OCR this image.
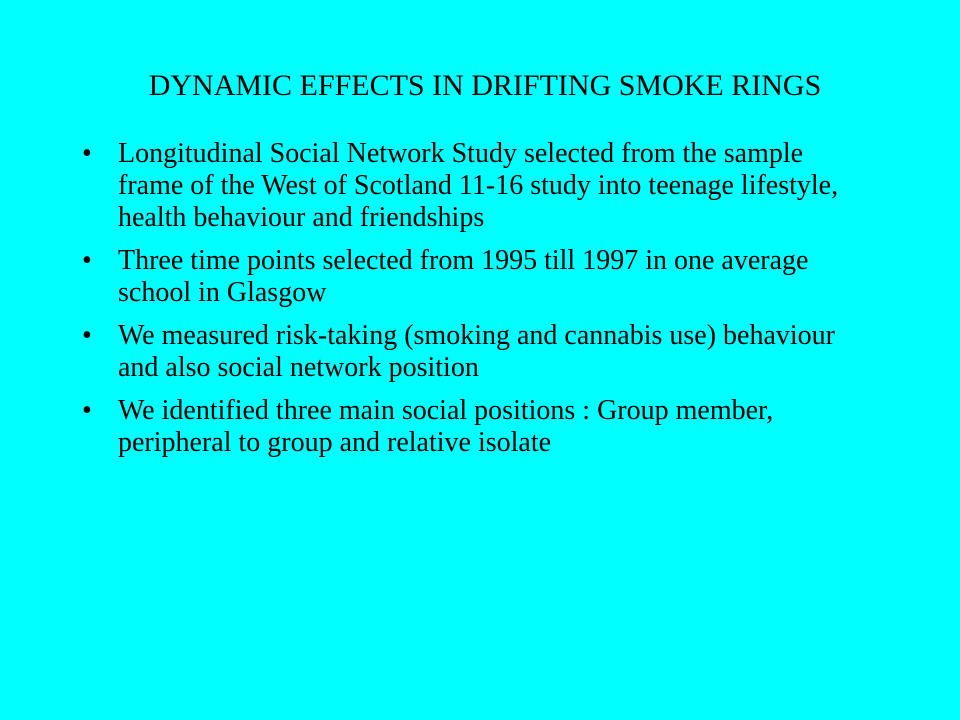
DYNAMIC EFFECTS IN DRIFTING SMOKE RINGS
• Longitudinal Social Network Study selected from the sample frame of the West of Scotland 11-16 study into teenage lifestyle, health behaviour and friendships
• Three time points selected from 1995 till 1997 in one average school in Glasgow
• We measured risk-taking (smoking and cannabis use) behaviour and also social network position
• We identified three main social positions : Group member, peripheral to group and relative isolate
